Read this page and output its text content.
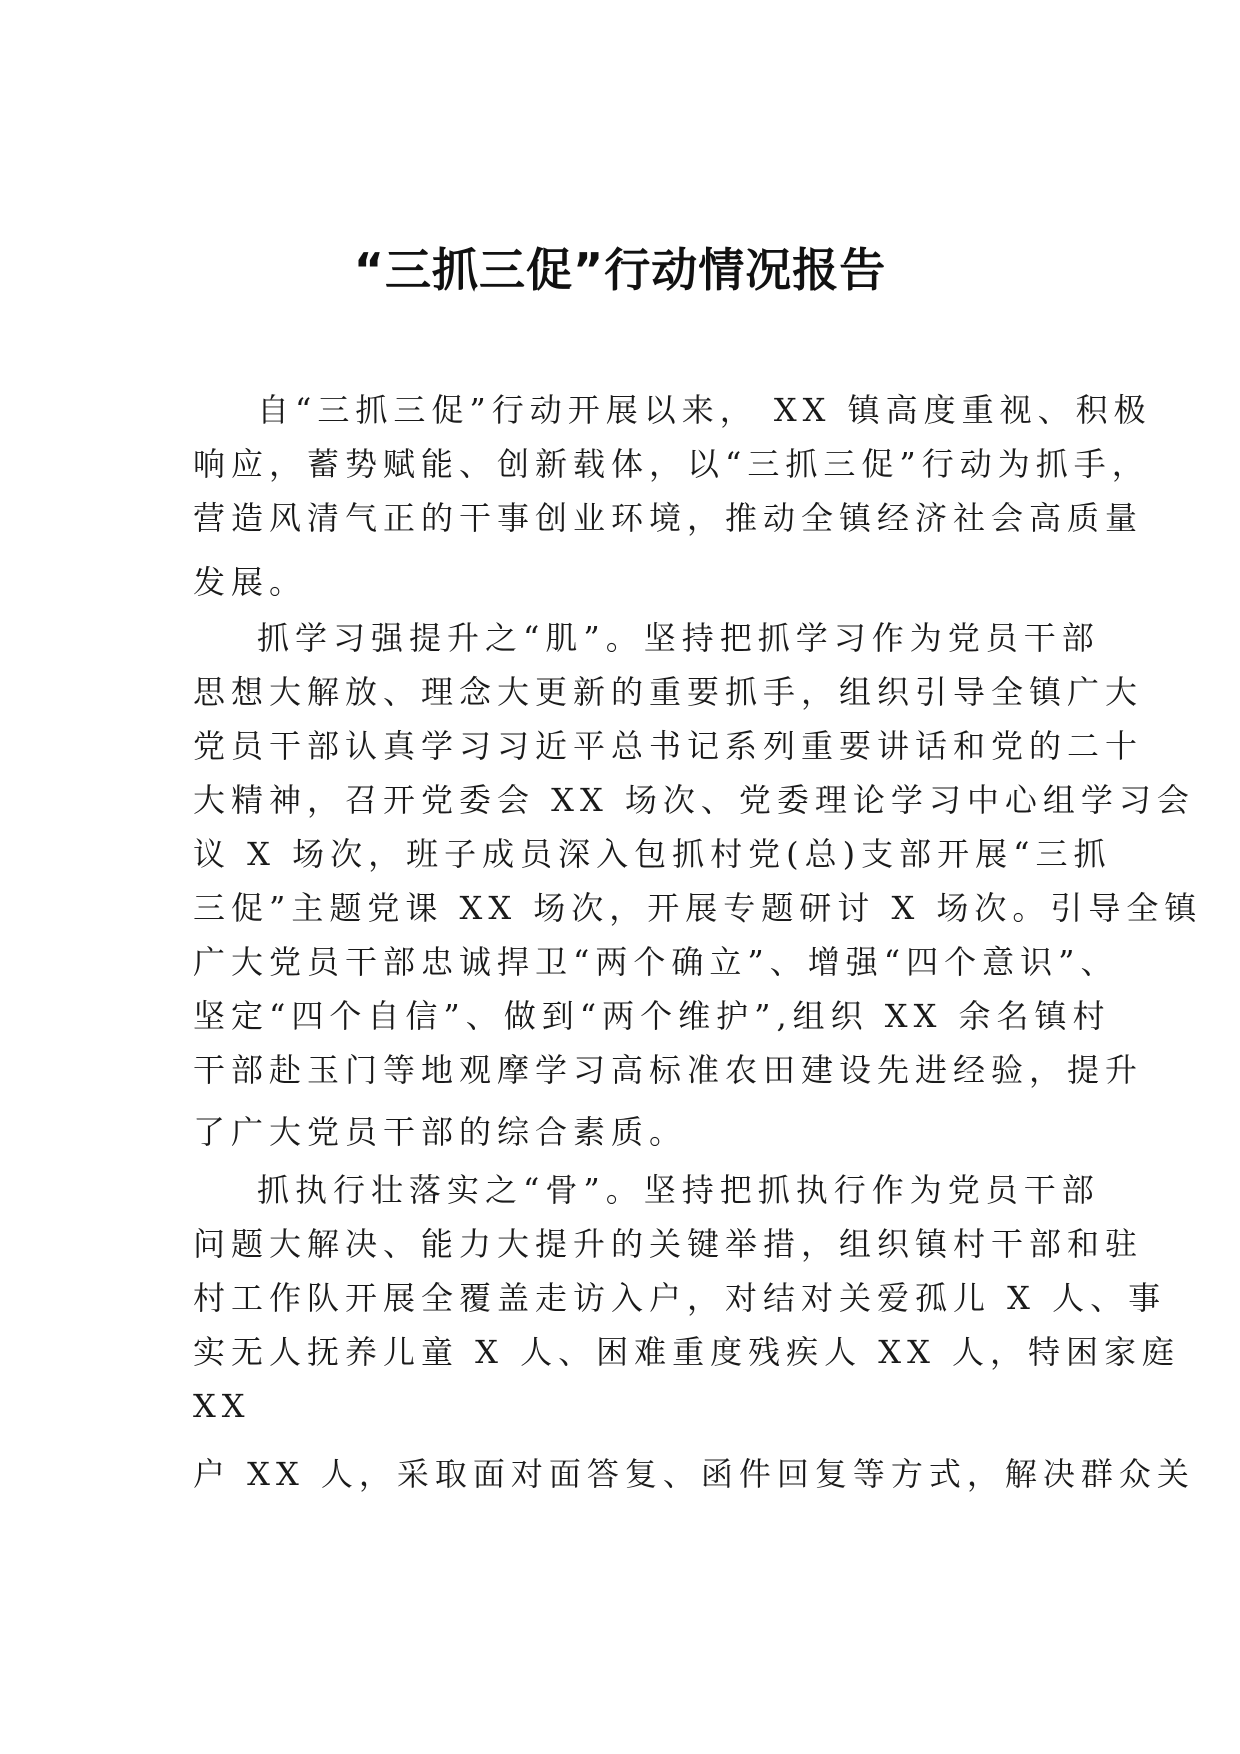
“三抓三促”行动情况报告
自“三抓三促”行动开展以来， XX 镇高度重视、积极
响应，蓄势赋能、创新载体，以“三抓三促”行动为抓手，
营造风清气正的干事创业环境，推动全镇经济社会高质量
发展。
抓学习强提升之“肌”。坚持把抓学习作为党员干部
思想大解放、理念大更新的重要抓手，组织引导全镇广大
党员干部认真学习习近平总书记系列重要讲话和党的二十
大精神，召开党委会 XX 场次、党委理论学习中心组学习会
议 X 场次，班子成员深入包抓村党(总)支部开展“三抓
三促”主题党课 XX 场次，开展专题研讨 X 场次。引导全镇
广大党员干部忠诚捍卫“两个确立”、增强“四个意识”、
坚定“四个自信”、做到“两个维护”,组织 XX 余名镇村
干部赴玉门等地观摩学习高标准农田建设先进经验，提升
了广大党员干部的综合素质。
抓执行壮落实之“骨”。坚持把抓执行作为党员干部
问题大解决、能力大提升的关键举措，组织镇村干部和驻
村工作队开展全覆盖走访入户，对结对关爱孤儿 X 人、事
实无人抚养儿童 X 人、困难重度残疾人 XX 人，特困家庭
XX
户 XX 人，采取面对面答复、函件回复等方式，解决群众关
